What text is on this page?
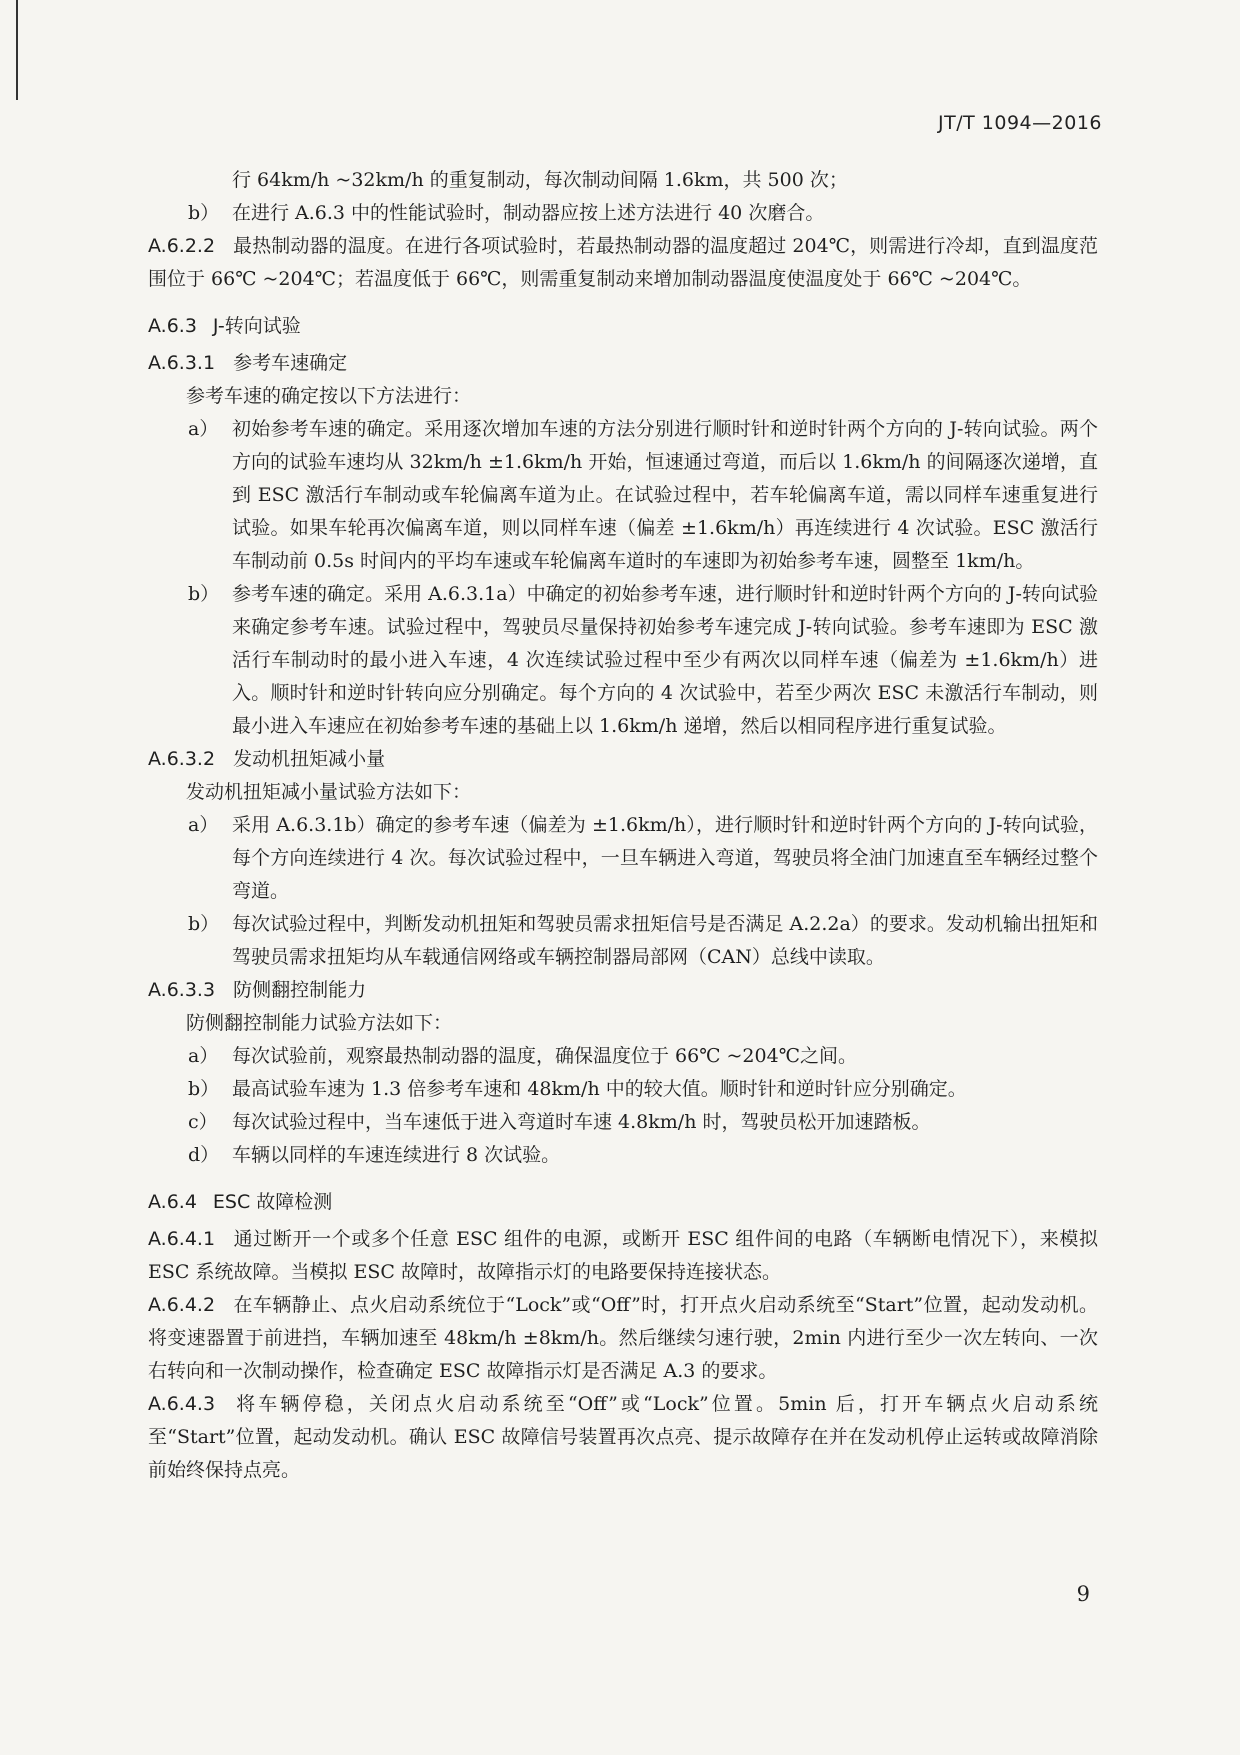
JT/T 1094—2016

行 64km/h ~32km/h 的重复制动，每次制动间隔 1.6km，共 500 次；

b） 在进行 A.6.3 中的性能试验时，制动器应按上述方法进行 40 次磨合。

A.6.2.2 最热制动器的温度。在进行各项试验时，若最热制动器的温度超过 204℃，则需进行冷却，直到温度范围位于 66℃ ~204℃；若温度低于 66℃，则需重复制动来增加制动器温度使温度处于 66℃ ~204℃。

A.6.3 J-转向试验

A.6.3.1 参考车速确定

参考车速的确定按以下方法进行：

a） 初始参考车速的确定。采用逐次增加车速的方法分别进行顺时针和逆时针两个方向的 J-转向试验。两个方向的试验车速均从 32km/h ±1.6km/h 开始，恒速通过弯道，而后以 1.6km/h 的间隔逐次递增，直到 ESC 激活行车制动或车轮偏离车道为止。在试验过程中，若车轮偏离车道，需以同样车速重复进行试验。如果车轮再次偏离车道，则以同样车速（偏差 ±1.6km/h）再连续进行 4 次试验。ESC 激活行车制动前 0.5s 时间内的平均车速或车轮偏离车道时的车速即为初始参考车速，圆整至 1km/h。
b） 参考车速的确定。采用 A.6.3.1a）中确定的初始参考车速，进行顺时针和逆时针两个方向的 J-转向试验来确定参考车速。试验过程中，驾驶员尽量保持初始参考车速完成 J-转向试验。参考车速即为 ESC 激活行车制动时的最小进入车速，4 次连续试验过程中至少有两次以同样车速（偏差为 ±1.6km/h）进入。顺时针和逆时针转向应分别确定。每个方向的 4 次试验中，若至少两次 ESC 未激活行车制动，则最小进入车速应在初始参考车速的基础上以 1.6km/h 递增，然后以相同程序进行重复试验。

A.6.3.2 发动机扭矩减小量

发动机扭矩减小量试验方法如下：

a） 采用 A.6.3.1b）确定的参考车速（偏差为 ±1.6km/h），进行顺时针和逆时针两个方向的 J-转向试验，每个方向连续进行 4 次。每次试验过程中，一旦车辆进入弯道，驾驶员将全油门加速直至车辆经过整个弯道。
b） 每次试验过程中，判断发动机扭矩和驾驶员需求扭矩信号是否满足 A.2.2a）的要求。发动机输出扭矩和驾驶员需求扭矩均从车载通信网络或车辆控制器局部网（CAN）总线中读取。

A.6.3.3 防侧翻控制能力

防侧翻控制能力试验方法如下：

a） 每次试验前，观察最热制动器的温度，确保温度位于 66℃ ~204℃之间。
b） 最高试验车速为 1.3 倍参考车速和 48km/h 中的较大值。顺时针和逆时针应分别确定。
c） 每次试验过程中，当车速低于进入弯道时车速 4.8km/h 时，驾驶员松开加速踏板。
d） 车辆以同样的车速连续进行 8 次试验。
A.6.4 ESC 故障检测

A.6.4.1 通过断开一个或多个任意 ESC 组件的电源，或断开 ESC 组件间的电路（车辆断电情况下），来模拟 ESC 系统故障。当模拟 ESC 故障时，故障指示灯的电路要保持连接状态。

A.6.4.2 在车辆静止、点火启动系统位于“Lock”或“Off”时，打开点火启动系统至“Start”位置，起动发动机。将变速器置于前进挡，车辆加速至 48km/h ±8km/h。然后继续匀速行驶，2min 内进行至少一次左转向、一次右转向和一次制动操作，检查确定 ESC 故障指示灯是否满足 A.3 的要求。

A.6.4.3 将车辆停稳，关闭点火启动系统至“Off”或“Lock”位置。5min 后，打开车辆点火启动系统至“Start”位置，起动发动机。确认 ESC 故障信号装置再次点亮、提示故障存在并在发动机停止运转或故障消除前始终保持点亮。

9
